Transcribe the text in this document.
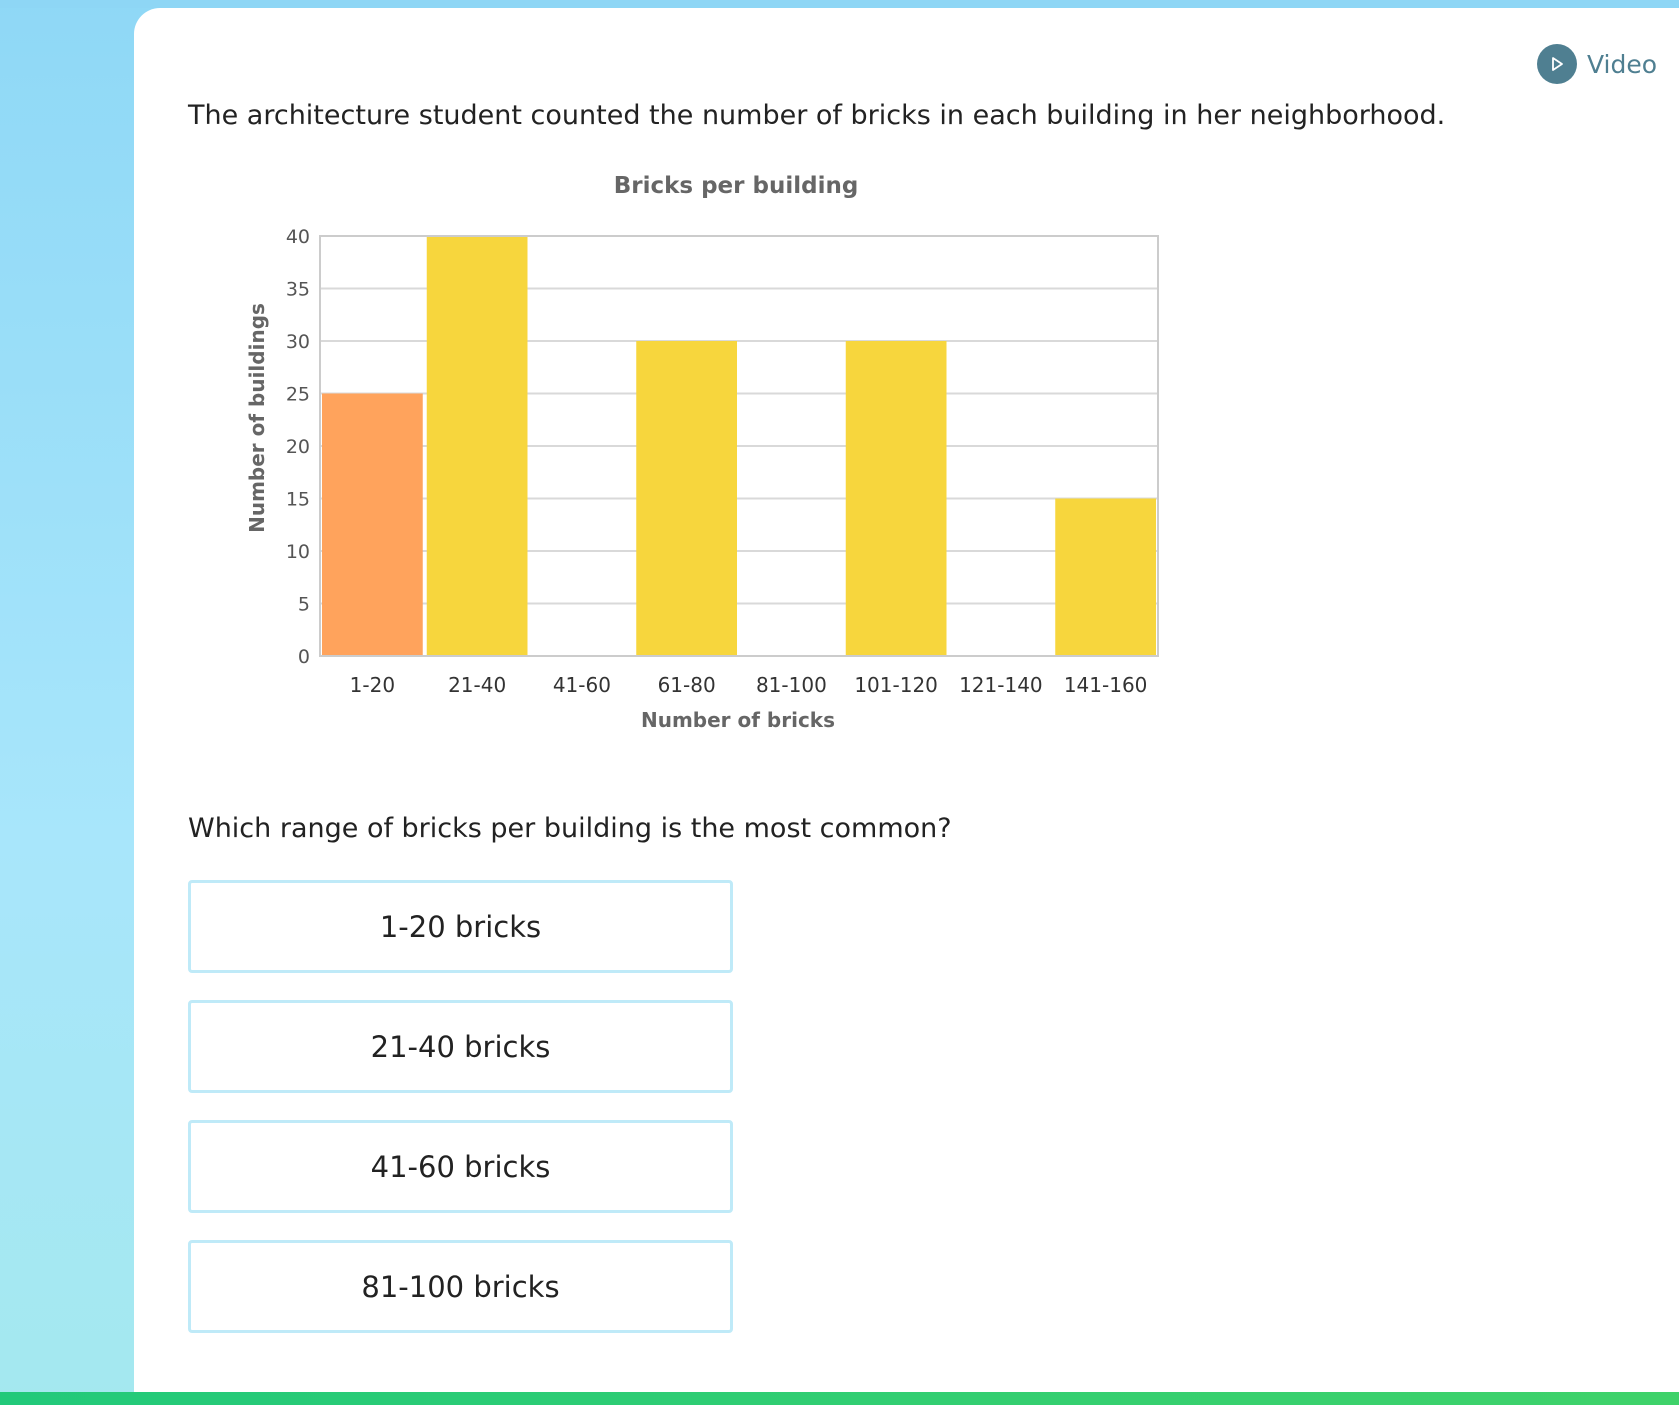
Video
The architecture student counted the number of bricks in each building in her neighborhood.
Bricks per building
0
5
10
15
20
25
30
35
40
1-20	21-40 41-60 61-80 81-100 101-120 121-140 141-160
Number of bricks
Number of buildings
Which range of bricks per building is the most common?
1-20 bricks
21-40 bricks
41-60 bricks
81-100 bricks
